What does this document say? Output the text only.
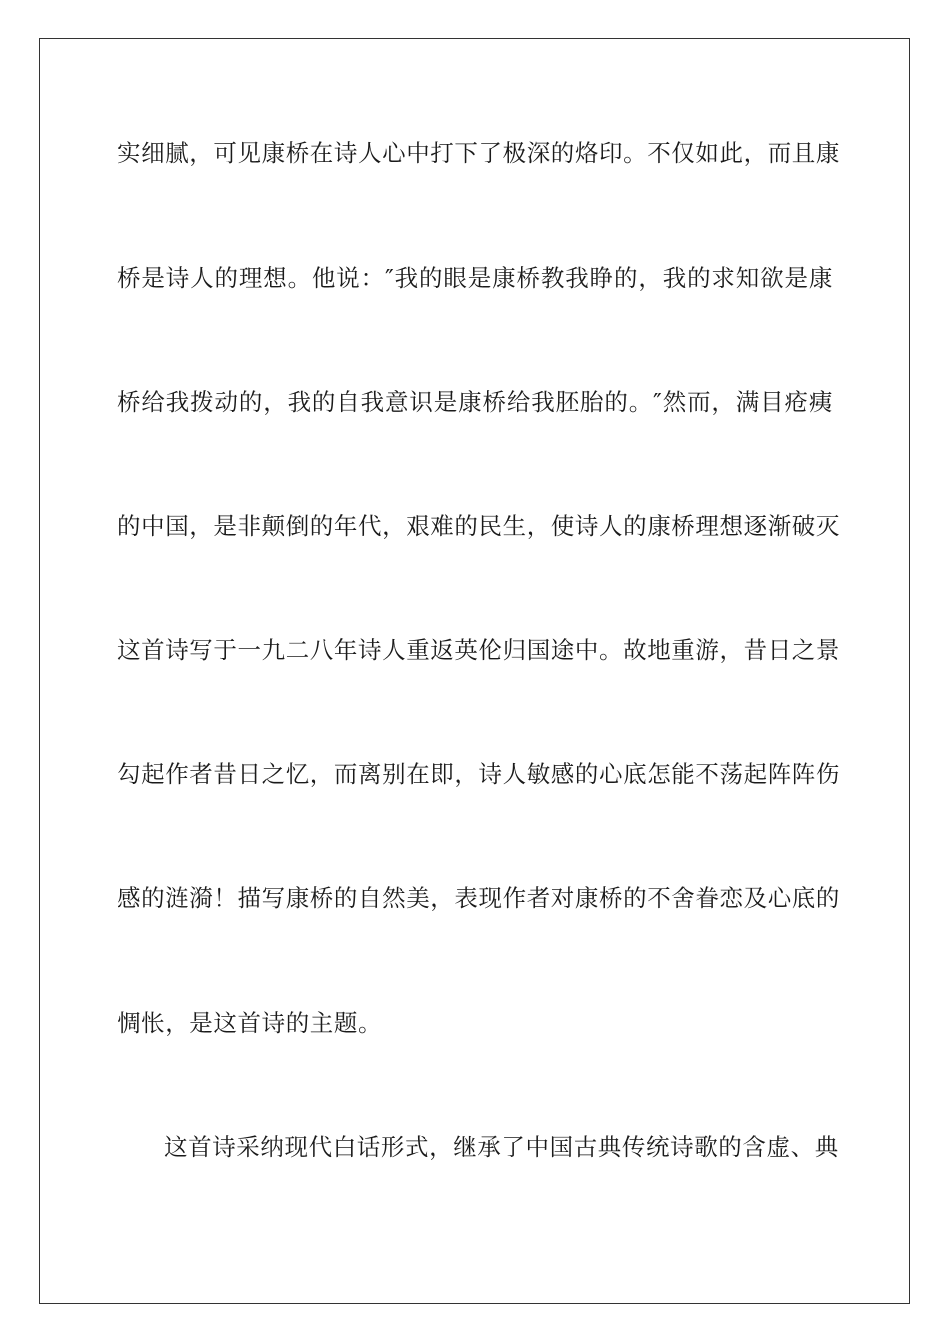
实细腻，可见康桥在诗人心中打下了极深的烙印。不仅如此，而且康
桥是诗人的理想。他说：″我的眼是康桥教我睁的，我的求知欲是康
桥给我拨动的，我的自我意识是康桥给我胚胎的。″然而，满目疮痍
的中国，是非颠倒的年代，艰难的民生，使诗人的康桥理想逐渐破灭
这首诗写于一九二八年诗人重返英伦归国途中。故地重游，昔日之景
勾起作者昔日之忆，而离别在即，诗人敏感的心底怎能不荡起阵阵伤
感的涟漪！描写康桥的自然美，表现作者对康桥的不舍眷恋及心底的
惆怅，是这首诗的主题。
这首诗采纳现代白话形式，继承了中国古典传统诗歌的含虚、典
